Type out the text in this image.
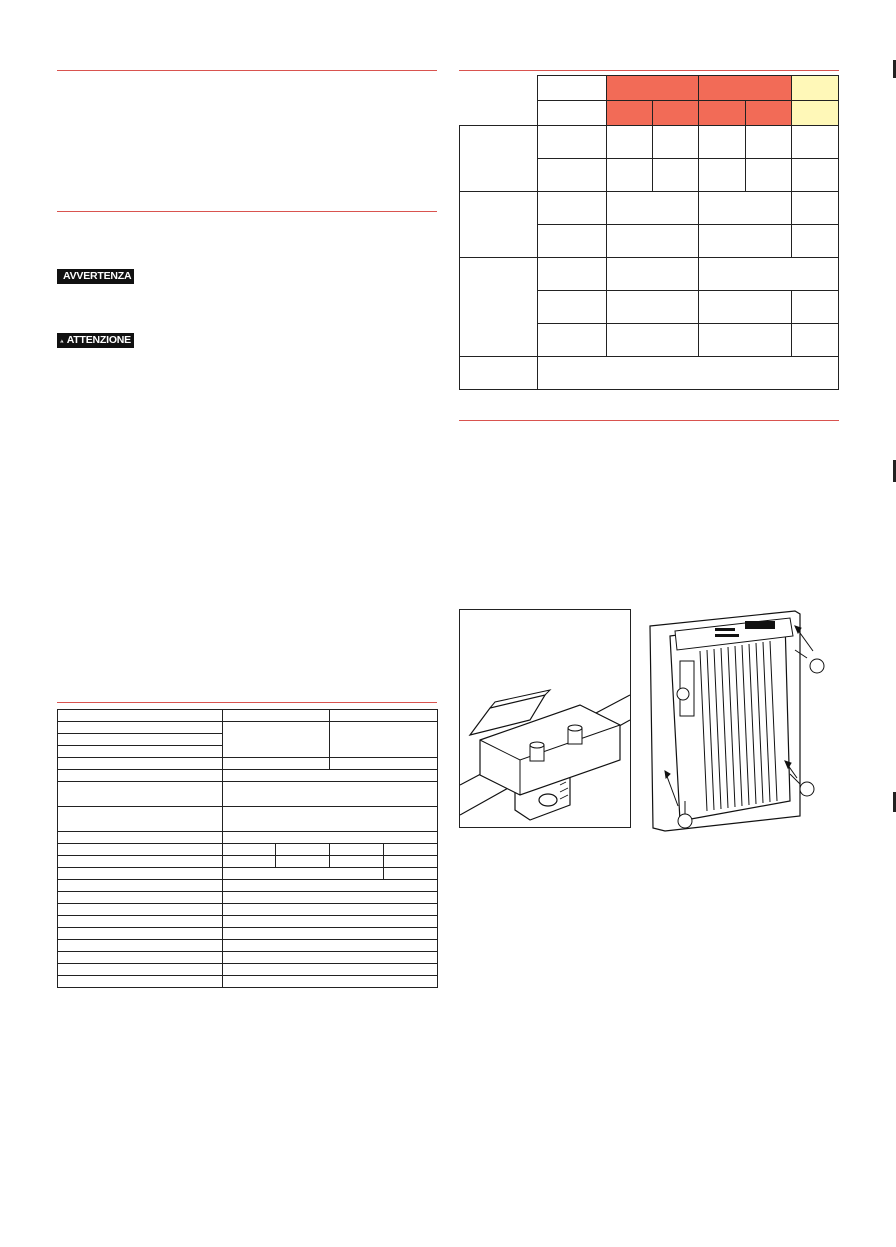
AVVERTENZA
ATTENZIONE
